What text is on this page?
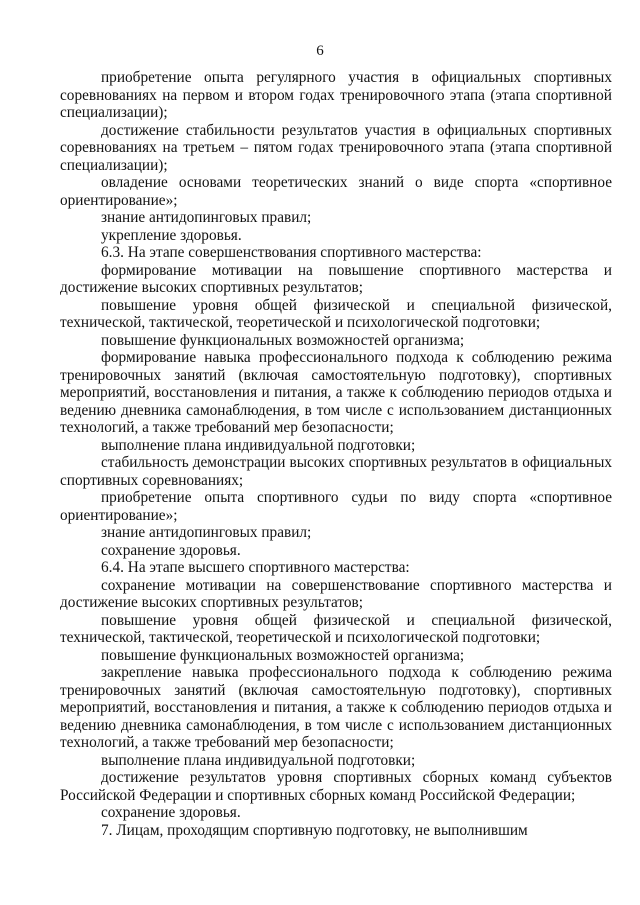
6

приобретение опыта регулярного участия в официальных спортивных соревнованиях на первом и втором годах тренировочного этапа (этапа спортивной специализации);

достижение стабильности результатов участия в официальных спортивных соревнованиях на третьем – пятом годах тренировочного этапа (этапа спортивной специализации);

овладение основами теоретических знаний о виде спорта «спортивное ориентирование»;

знание антидопинговых правил;

укрепление здоровья.

6.3. На этапе совершенствования спортивного мастерства:

формирование мотивации на повышение спортивного мастерства и достижение высоких спортивных результатов;

повышение уровня общей физической и специальной физической, технической, тактической, теоретической и психологической подготовки;

повышение функциональных возможностей организма;

формирование навыка профессионального подхода к соблюдению режима тренировочных занятий (включая самостоятельную подготовку), спортивных мероприятий, восстановления и питания, а также к соблюдению периодов отдыха и ведению дневника самонаблюдения, в том числе с использованием дистанционных технологий, а также требований мер безопасности;

выполнение плана индивидуальной подготовки;

стабильность демонстрации высоких спортивных результатов в официальных спортивных соревнованиях;

приобретение опыта спортивного судьи по виду спорта «спортивное ориентирование»;

знание антидопинговых правил;

сохранение здоровья.

6.4. На этапе высшего спортивного мастерства:

сохранение мотивации на совершенствование спортивного мастерства и достижение высоких спортивных результатов;

повышение уровня общей физической и специальной физической, технической, тактической, теоретической и психологической подготовки;

повышение функциональных возможностей организма;

закрепление навыка профессионального подхода к соблюдению режима тренировочных занятий (включая самостоятельную подготовку), спортивных мероприятий, восстановления и питания, а также к соблюдению периодов отдыха и ведению дневника самонаблюдения, в том числе с использованием дистанционных технологий, а также требований мер безопасности;

выполнение плана индивидуальной подготовки;

достижение результатов уровня спортивных сборных команд субъектов Российской Федерации и спортивных сборных команд Российской Федерации;

сохранение здоровья.

7. Лицам, проходящим спортивную подготовку, не выполнившим
